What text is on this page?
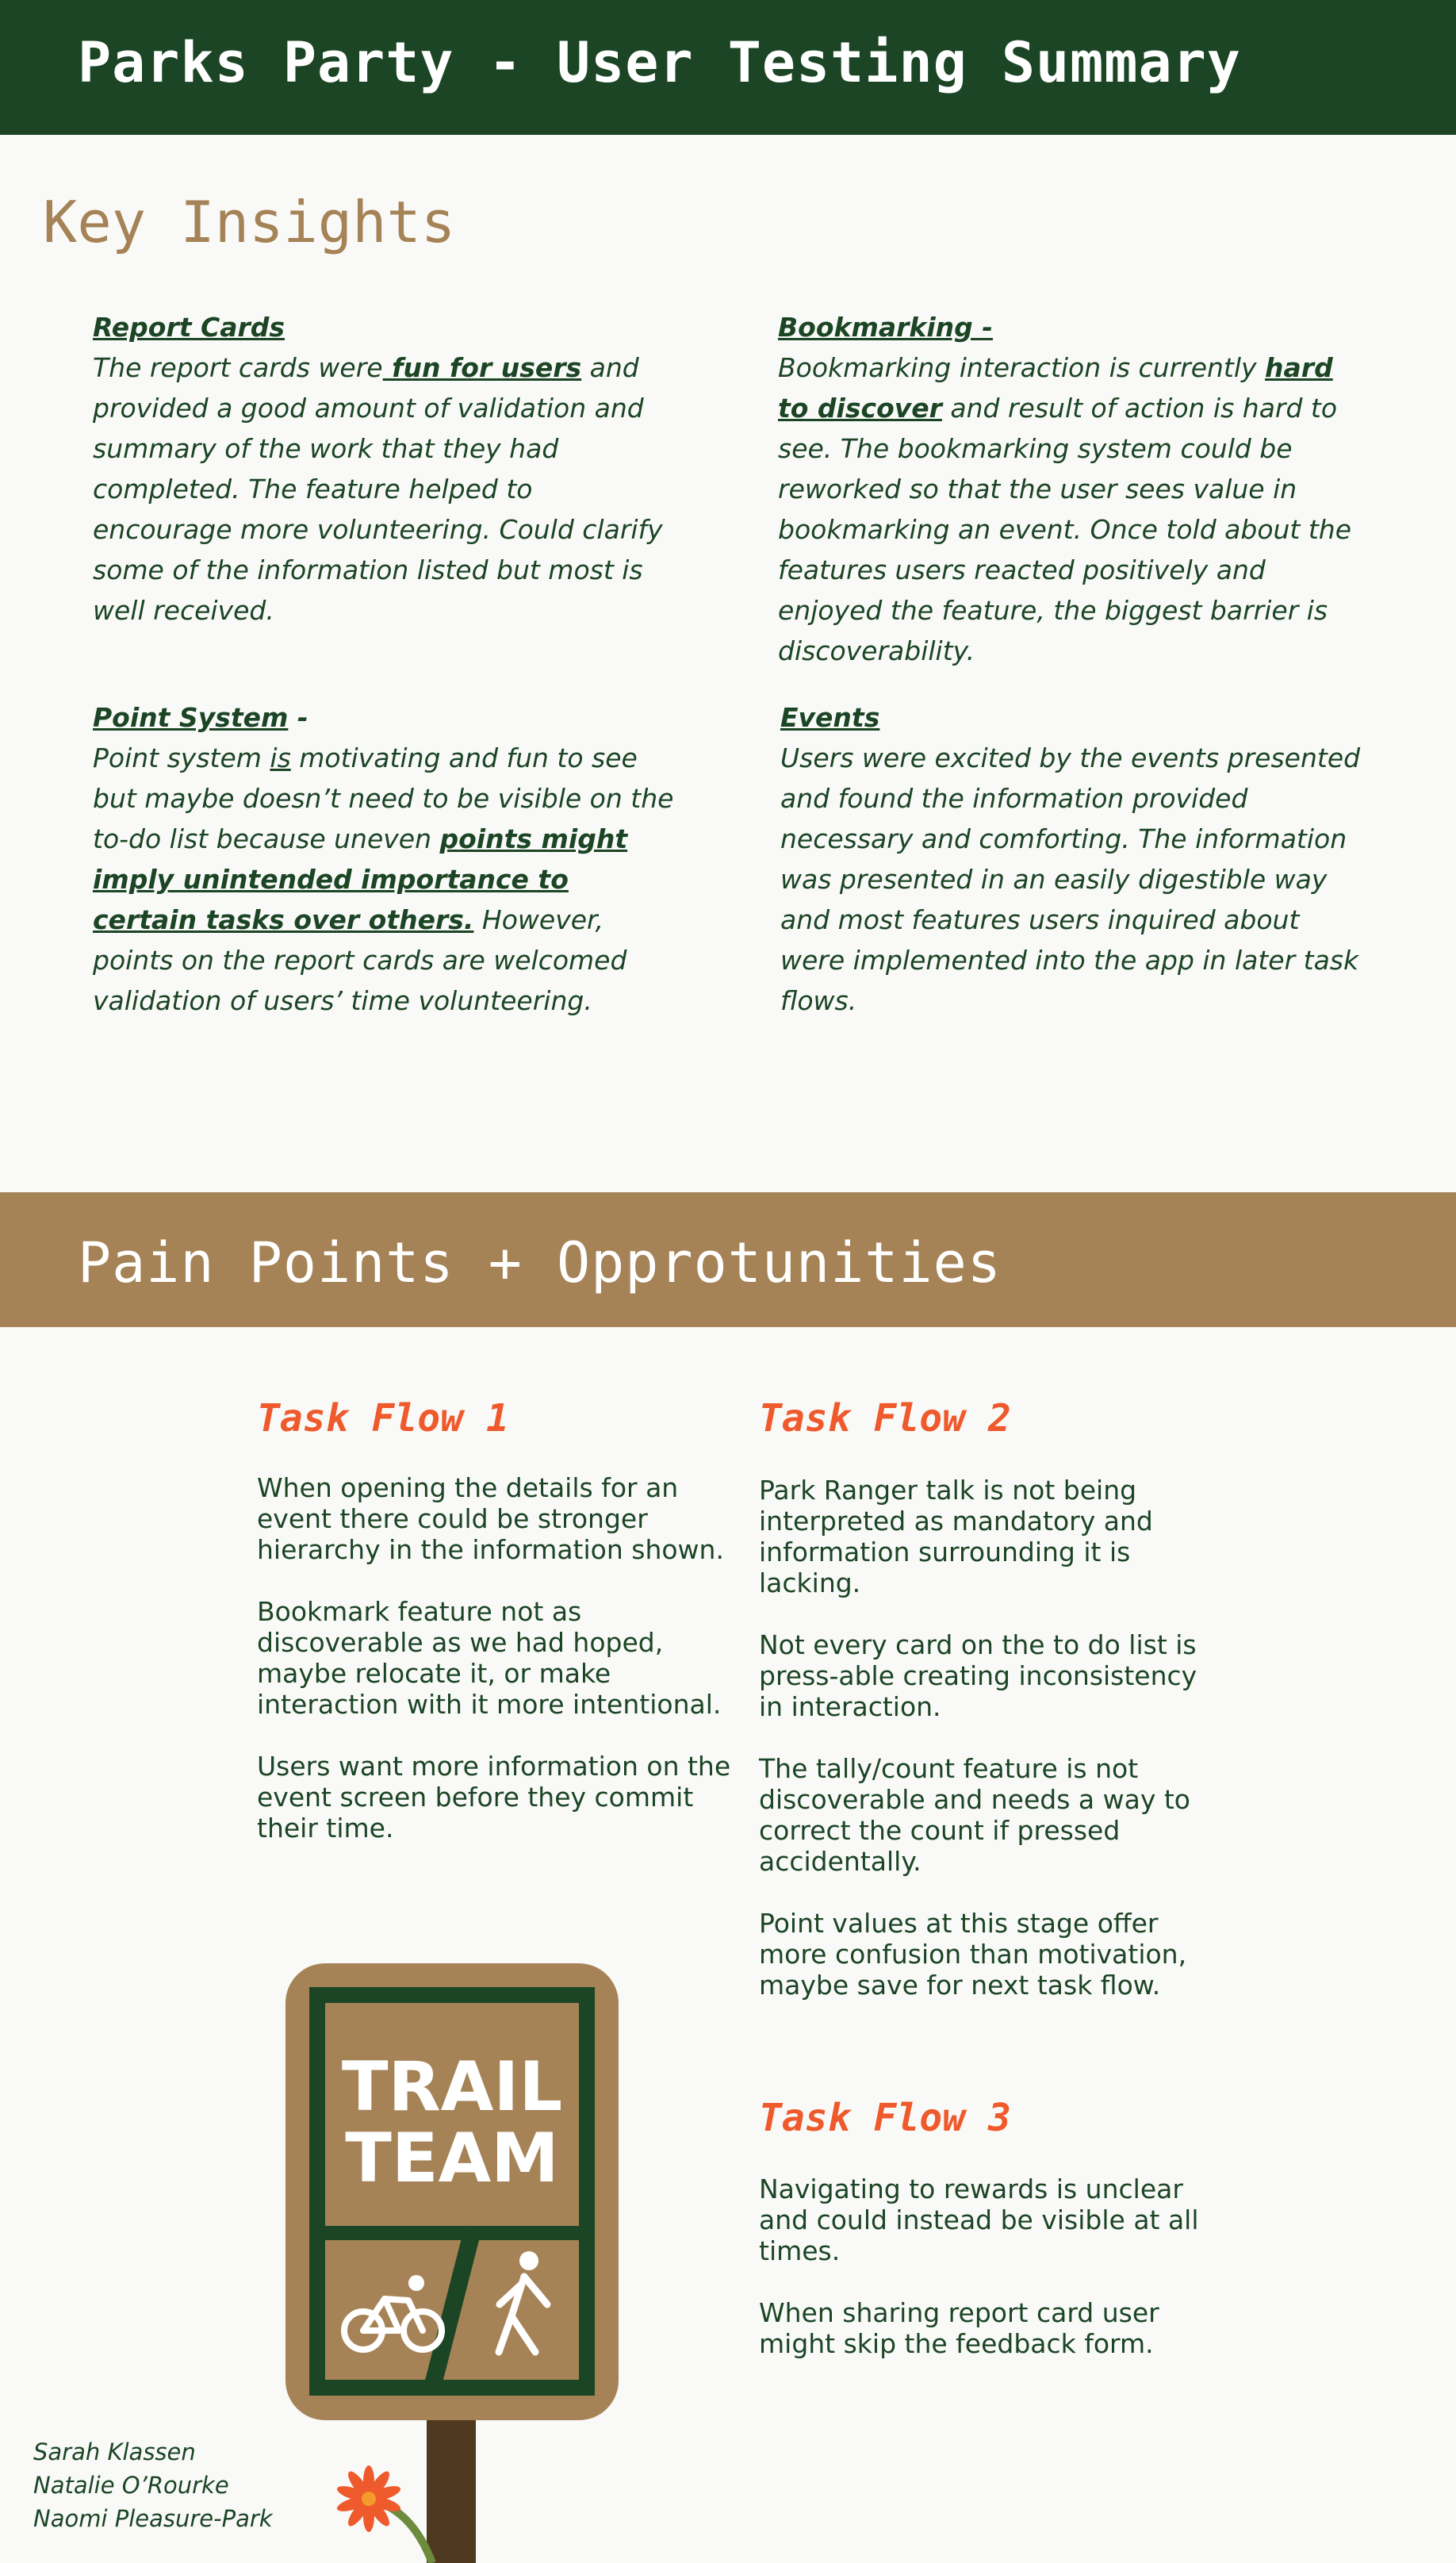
Parks Party - User Testing Summary
Key Insights
Report Cards
The report cards were fun for users and provided a good amount of validation and summary of the work that they had completed. The feature helped to encourage more volunteering. Could clarify some of the information listed but most is well received.
Bookmarking -
Bookmarking interaction is currently hard to discover and result of action is hard to see. The bookmarking system could be reworked so that the user sees value in bookmarking an event. Once told about the features users reacted positively and enjoyed the feature, the biggest barrier is discoverability.
Point System -
Point system is motivating and fun to see but maybe doesn’t need to be visible on the to-do list because uneven points might imply unintended importance to certain tasks over others. However, points on the report cards are welcomed validation of users’ time volunteering.
Events
Users were excited by the events presented and found the information provided necessary and comforting. The information was presented in an easily digestible way and most features users inquired about were implemented into the app in later task flows.
Pain Points + Opprotunities
Task Flow 1

When opening the details for an event there could be stronger hierarchy in the information shown.

Bookmark feature not as discoverable as we had hoped, maybe relocate it, or make interaction with it more intentional.

Users want more information on the event screen before they commit their time.

Task Flow 2

Park Ranger talk is not being interpreted as mandatory and information surrounding it is lacking.

Not every card on the to do list is press-able creating inconsistency in interaction.

The tally/count feature is not discoverable and needs a way to correct the count if pressed accidentally.

Point values at this stage offer more confusion than motivation, maybe save for next task flow.

Task Flow 3

Navigating to rewards is unclear and could instead be visible at all times.

When sharing report card user might skip the feedback form.

TRAIL
TEAM
Sarah Klassen
Natalie O’Rourke
Naomi Pleasure-Park
